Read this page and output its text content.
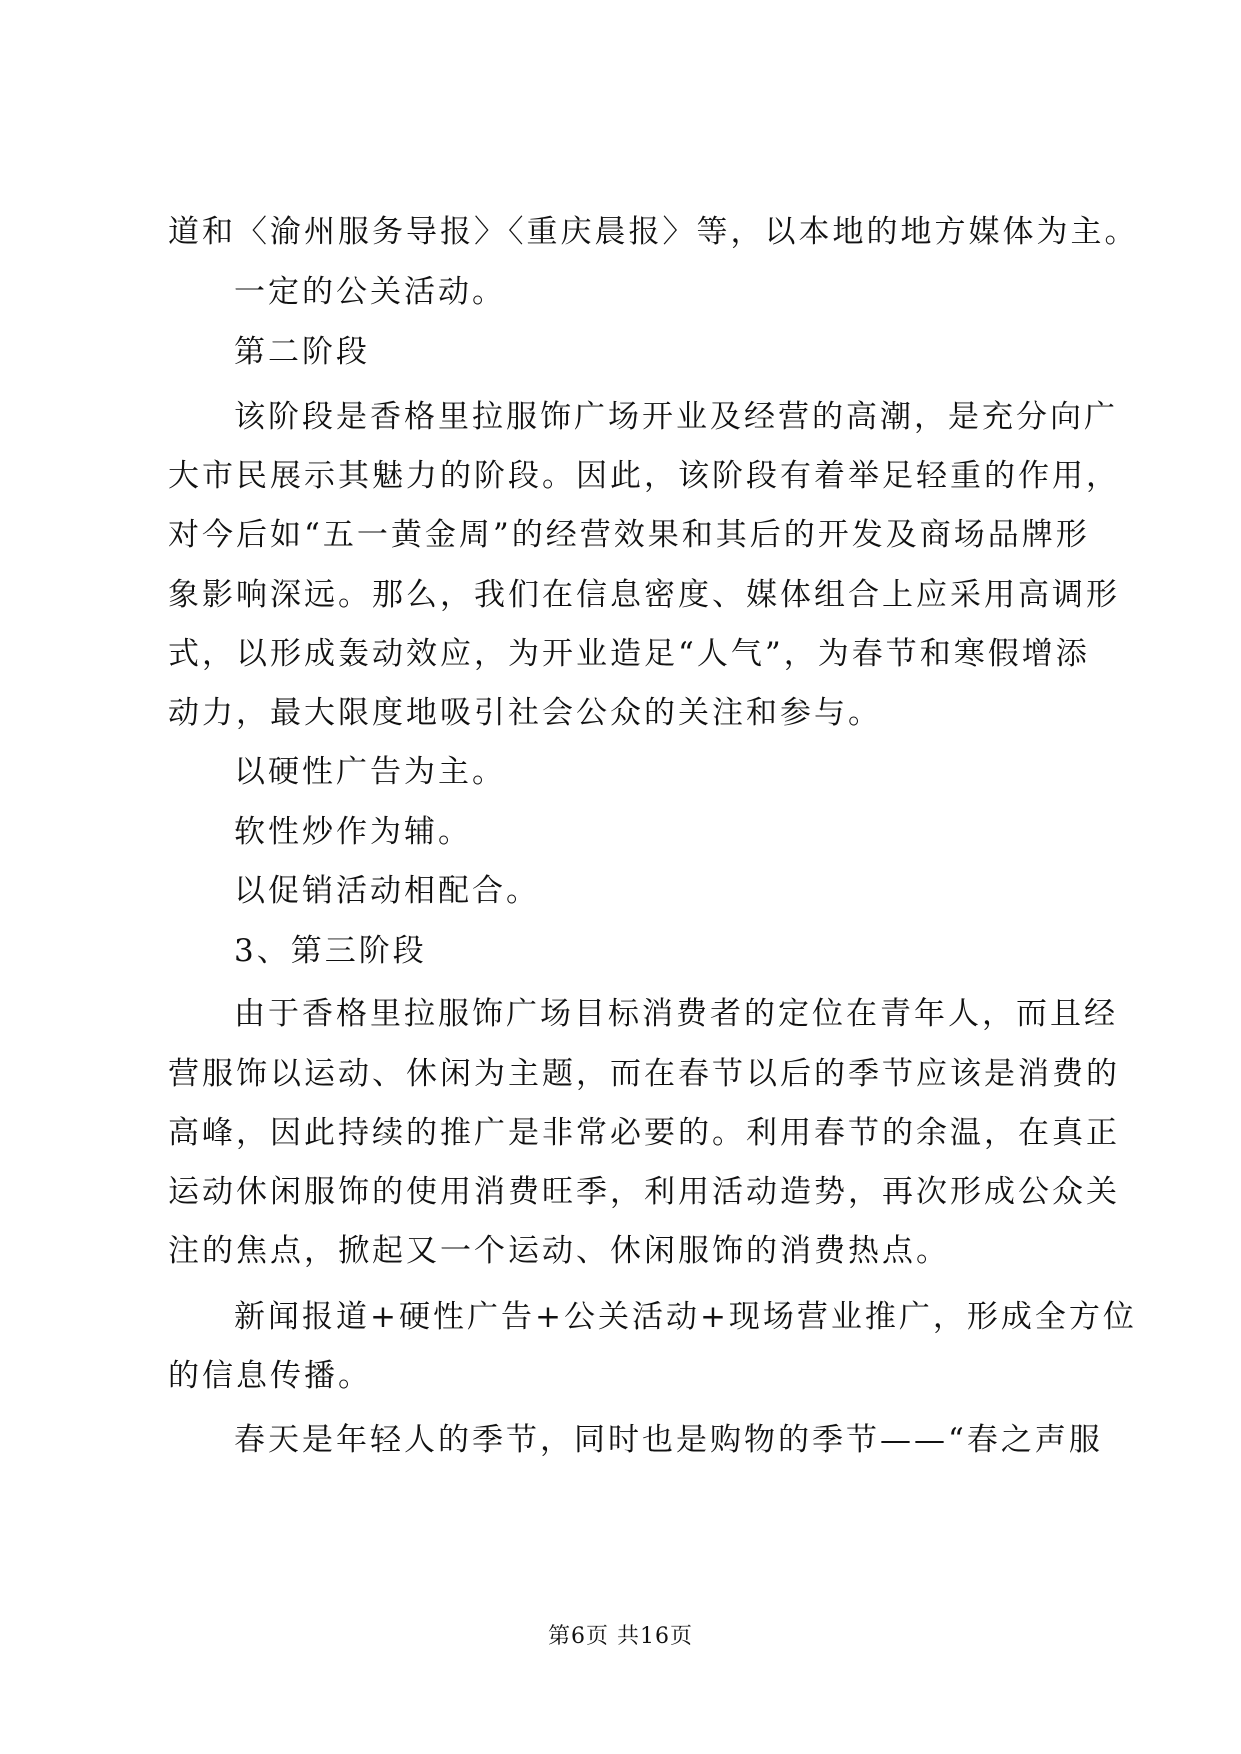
道和〈渝州服务导报〉〈重庆晨报〉等，以本地的地方媒体为主。
一定的公关活动。
第二阶段
该阶段是香格里拉服饰广场开业及经营的高潮，是充分向广
大市民展示其魅力的阶段。因此，该阶段有着举足轻重的作用，
对今后如“五一黄金周”的经营效果和其后的开发及商场品牌形
象影响深远。那么，我们在信息密度、媒体组合上应采用高调形
式，以形成轰动效应，为开业造足“人气”，为春节和寒假增添
动力，最大限度地吸引社会公众的关注和参与。
以硬性广告为主。
软性炒作为辅。
以促销活动相配合。
3、第三阶段
由于香格里拉服饰广场目标消费者的定位在青年人，而且经
营服饰以运动、休闲为主题，而在春节以后的季节应该是消费的
高峰，因此持续的推广是非常必要的。利用春节的余温，在真正
运动休闲服饰的使用消费旺季，利用活动造势，再次形成公众关
注的焦点，掀起又一个运动、休闲服饰的消费热点。
新闻报道+硬性广告+公关活动+现场营业推广，形成全方位
的信息传播。
春天是年轻人的季节，同时也是购物的季节——“春之声服
第6页 共16页
